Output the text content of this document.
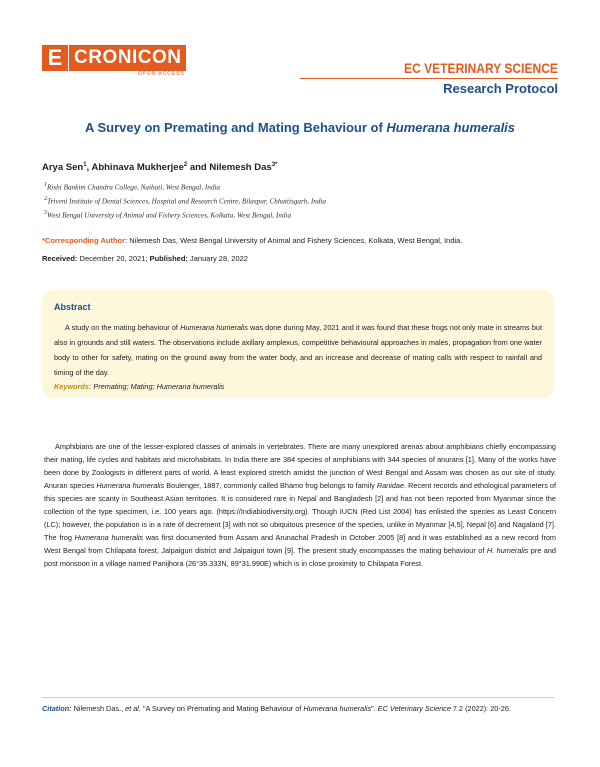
E CRONICON
OPEN ACCESS	EC VETERINARY SCIENCE
Research Protocol
A Survey on Premating and Mating Behaviour of Humerana humeralis
Arya Sen$^1$, Abhinava Mukherjee$^2$ and Nilemesh Das$^{3*}$
$^1$Rishi Bankim Chandra College, Naihati, West Bengal, India
$^2$Triveni Institute of Dental Sciences, Hospital and Research Centre, Bilaspur, Chhattisgarh, India
$^3$West Bengal University of Animal and Fishery Sciences, Kolkata, West Bengal, India
*Corresponding Author: Nilemesh Das, West Bengal University of Animal and Fishery Sciences, Kolkata, West Bengal, India.
Received: December 20, 2021; Published: January 28, 2022
Abstract
A study on the mating behaviour of Humerana humeralis was done during May, 2021 and it was found that these frogs not only mate in streams but also in grounds and still waters. The observations include axillary amplexus, competitive behavioural approaches in males, propagation from one water body to other for safety, mating on the ground away from the water body, and an increase and decrease of mating calls with respect to rainfall and timing of the day.
Keywords: Premating; Mating; Humerana humeralis

Amphibians are one of the lesser-explored classes of animals in vertebrates. There are many unexplored arenas about amphibians chiefly encompassing their mating, life cycles and habitats and microhabitats. In India there are 384 species of amphibians with 344 species of anurans [1]. Many of the works have been done by Zoologists in different parts of world. A least explored stretch amidst the junction of West Bengal and Assam was chosen as our site of study. Anuran species Humerana humeralis Boulenger, 1887, commonly called Bhamo frog belongs to family Ranidae. Recent records and ethological parameters of this species are scanty in Southeast Asian territories. It is considered rare in Nepal and Bangladesh [2] and has not been reported from Myanmar since the collection of the type specimen, i.e. 100 years ago. (https://Indiabiodiversity.org). Though IUCN (Red List 2004) has enlisted the species as Least Concern (LC); however, the population is in a rate of decrement [3] with not so ubiquitous presence of the species, unlike in Myanmar [4,5], Nepal [6] and Nagaland [7]. The frog Humerana humeralis was first documented from Assam and Arunachal Pradesh in October 2005 [8] and it was established as a new record from West Bengal from Chilapata forest, Jalpaiguri district and Jalpaiguri town [9]. The present study encompasses the mating behaviour of H. humeralis pre and post monsoon in a village named Panijhora (26°35.333N, 89°31.990E) which is in close proximity to Chilapata Forest.

Citation: Nilemesh Das., et al. "A Survey on Premating and Mating Behaviour of Humerana humeralis". EC Veterinary Science 7.2 (2022): 20-26.
